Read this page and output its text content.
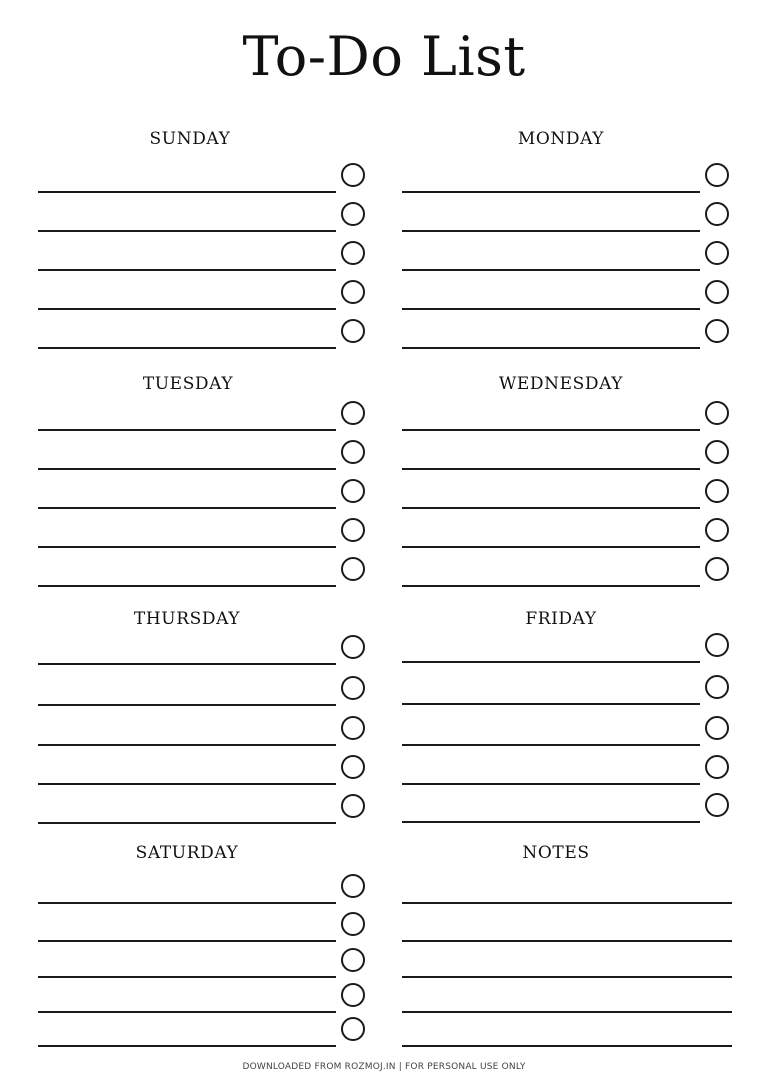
To-Do List
SUNDAY	MONDAY
TUESDAY	WEDNESDAY
THURSDAY	FRIDAY
SATURDAY	NOTES
DOWNLOADED FROM ROZMOJ.IN | FOR PERSONAL USE ONLY
